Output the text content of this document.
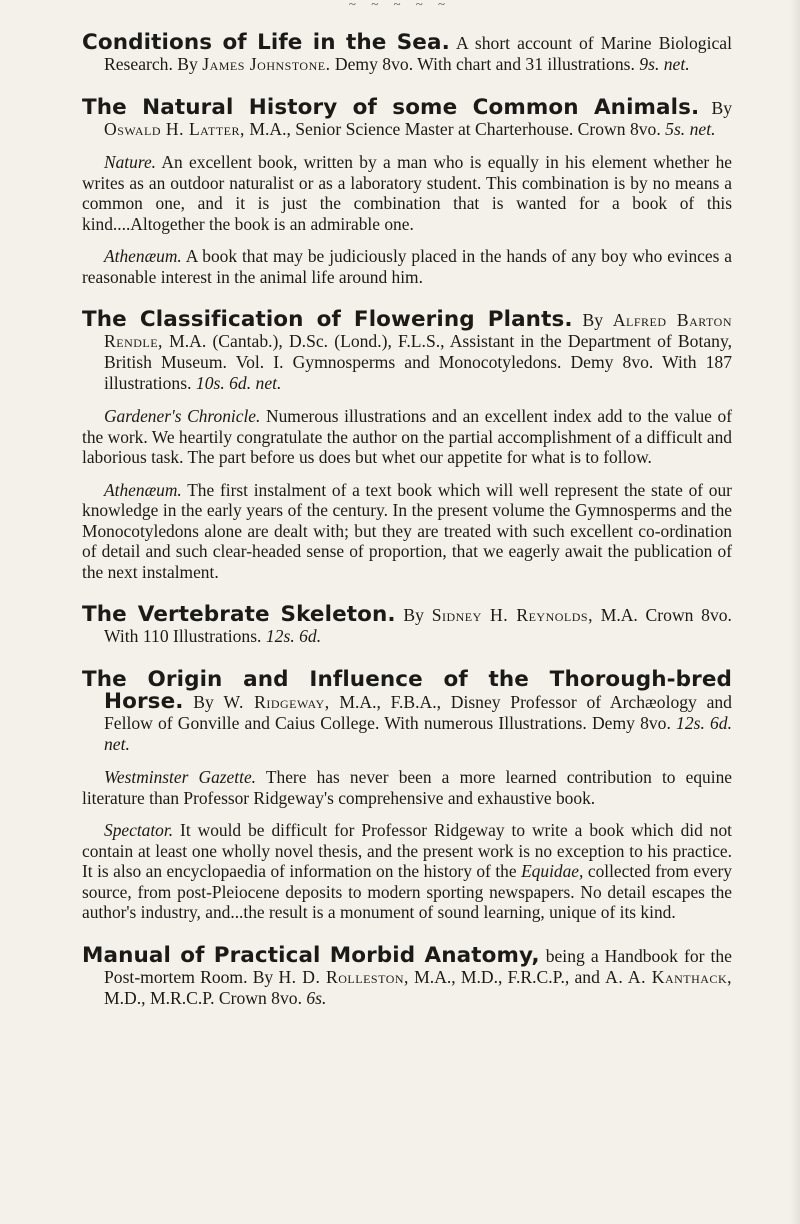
~ ~ ~ ~ ~

Conditions of Life in the Sea. A short account of Marine Biological Research. By James Johnstone. Demy 8vo. With chart and 31 illustrations. 9s. net.

The Natural History of some Common Animals. By Oswald H. Latter, M.A., Senior Science Master at Charterhouse. Crown 8vo. 5s. net.

Nature. An excellent book, written by a man who is equally in his element whether he writes as an outdoor naturalist or as a laboratory student. This combination is by no means a common one, and it is just the combination that is wanted for a book of this kind....Altogether the book is an admirable one.

Athenæum. A book that may be judiciously placed in the hands of any boy who evinces a reasonable interest in the animal life around him.

The Classification of Flowering Plants. By Alfred Barton Rendle, M.A. (Cantab.), D.Sc. (Lond.), F.L.S., Assistant in the Department of Botany, British Museum. Vol. I. Gymnosperms and Monocotyledons. Demy 8vo. With 187 illustrations. 10s. 6d. net.

Gardener's Chronicle. Numerous illustrations and an excellent index add to the value of the work. We heartily congratulate the author on the partial accomplishment of a difficult and laborious task. The part before us does but whet our appetite for what is to follow.

Athenæum. The first instalment of a text book which will well represent the state of our knowledge in the early years of the century. In the present volume the Gymnosperms and the Monocotyledons alone are dealt with; but they are treated with such excellent co-ordination of detail and such clear-headed sense of proportion, that we eagerly await the publication of the next instalment.

The Vertebrate Skeleton. By Sidney H. Reynolds, M.A. Crown 8vo. With 110 Illustrations. 12s. 6d.

The Origin and Influence of the Thorough-bred Horse. By W. Ridgeway, M.A., F.B.A., Disney Professor of Archæology and Fellow of Gonville and Caius College. With numerous Illustrations. Demy 8vo. 12s. 6d. net.

Westminster Gazette. There has never been a more learned contribution to equine literature than Professor Ridgeway's comprehensive and exhaustive book.

Spectator. It would be difficult for Professor Ridgeway to write a book which did not contain at least one wholly novel thesis, and the present work is no exception to his practice. It is also an encyclopaedia of information on the history of the Equidae, collected from every source, from post-Pleiocene deposits to modern sporting newspapers. No detail escapes the author's industry, and...the result is a monument of sound learning, unique of its kind.

Manual of Practical Morbid Anatomy, being a Handbook for the Post-mortem Room. By H. D. Rolleston, M.A., M.D., F.R.C.P., and A. A. Kanthack, M.D., M.R.C.P. Crown 8vo. 6s.
